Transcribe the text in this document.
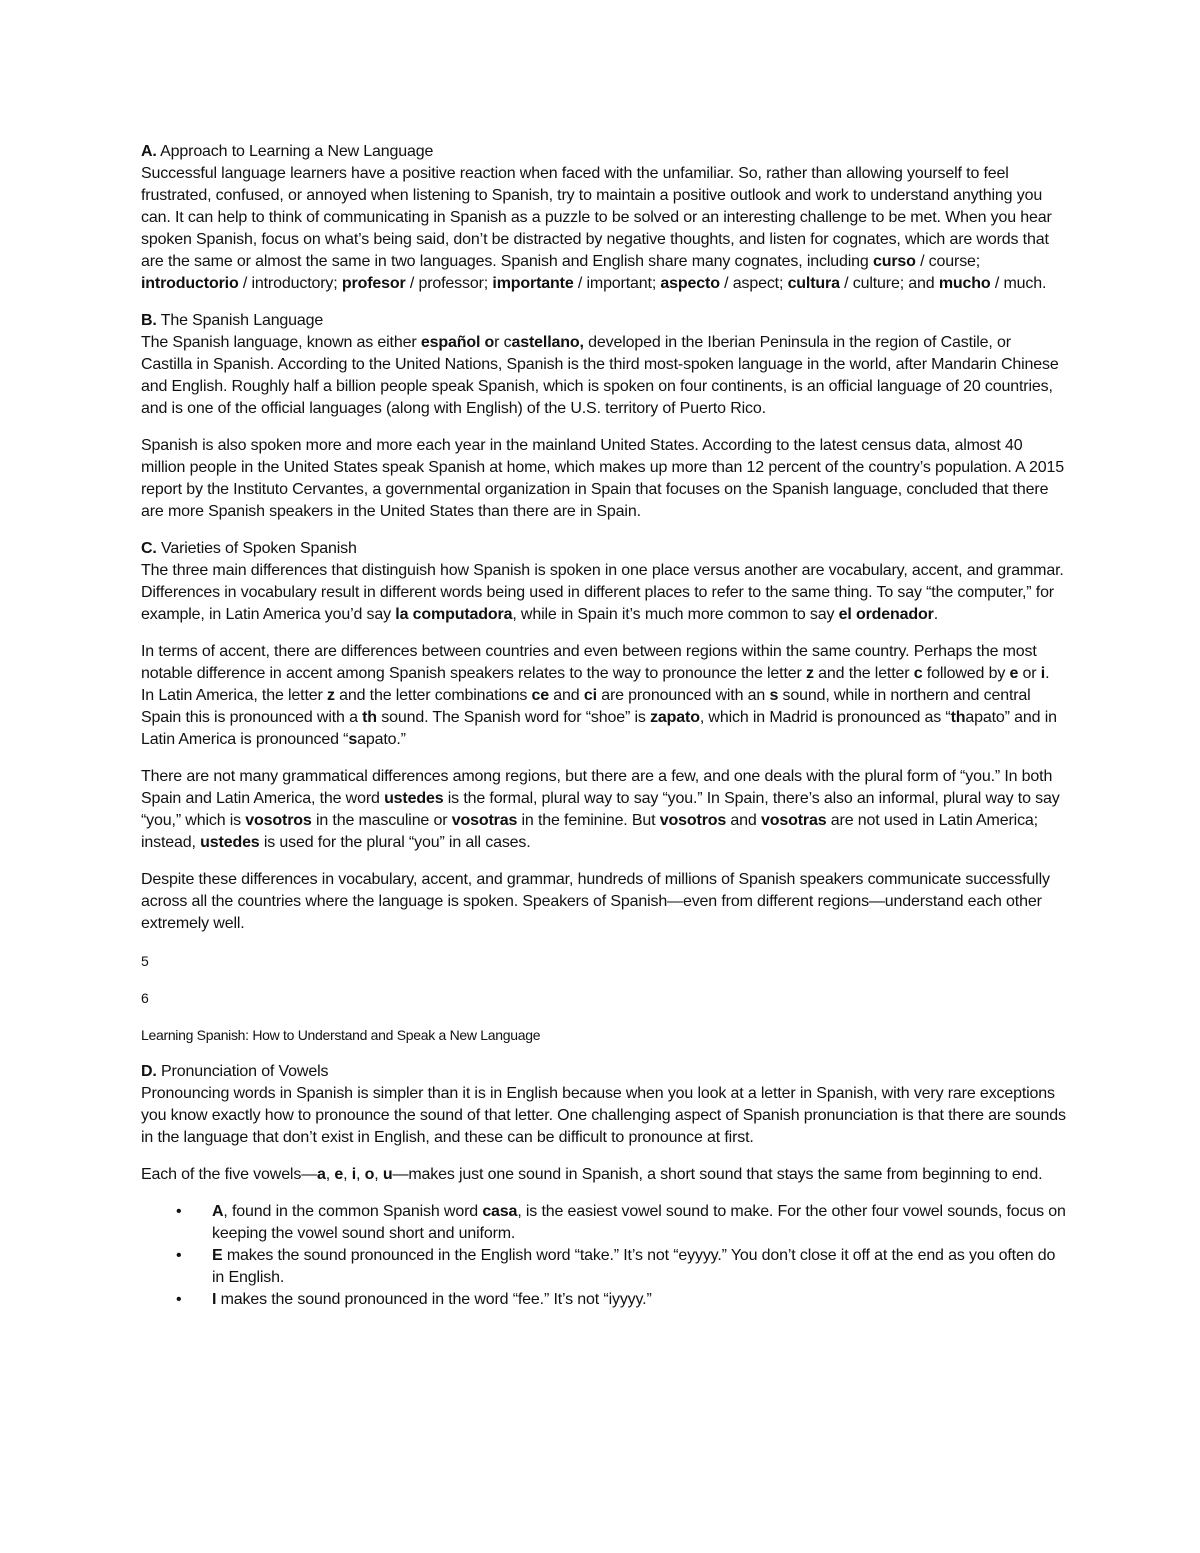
A. Approach to Learning a New Language
Successful language learners have a positive reaction when faced with the unfamiliar. So, rather than allowing yourself to feel frustrated, confused, or annoyed when listening to Spanish, try to maintain a positive outlook and work to understand anything you can. It can help to think of communicating in Spanish as a puzzle to be solved or an interesting challenge to be met. When you hear spoken Spanish, focus on what’s being said, don’t be distracted by negative thoughts, and listen for cognates, which are words that are the same or almost the same in two languages. Spanish and English share many cognates, including curso / course; introductorio / introductory; profesor / professor; importante / important; aspecto / aspect; cultura / culture; and mucho / much.

B. The Spanish Language
The Spanish language, known as either español or castellano, developed in the Iberian Peninsula in the region of Castile, or Castilla in Spanish. According to the United Nations, Spanish is the third most-spoken language in the world, after Mandarin Chinese and English. Roughly half a billion people speak Spanish, which is spoken on four continents, is an official language of 20 countries, and is one of the official languages (along with English) of the U.S. territory of Puerto Rico.

Spanish is also spoken more and more each year in the mainland United States. According to the latest census data, almost 40 million people in the United States speak Spanish at home, which makes up more than 12 percent of the country’s population. A 2015 report by the Instituto Cervantes, a governmental organization in Spain that focuses on the Spanish language, concluded that there are more Spanish speakers in the United States than there are in Spain.

C. Varieties of Spoken Spanish
The three main differences that distinguish how Spanish is spoken in one place versus another are vocabulary, accent, and grammar. Differences in vocabulary result in different words being used in different places to refer to the same thing. To say “the computer,” for example, in Latin America you’d say la computadora, while in Spain it’s much more common to say el ordenador.

In terms of accent, there are differences between countries and even between regions within the same country. Perhaps the most notable difference in accent among Spanish speakers relates to the way to pronounce the letter z and the letter c followed by e or i. In Latin America, the letter z and the letter combinations ce and ci are pronounced with an s sound, while in northern and central Spain this is pronounced with a th sound. The Spanish word for “shoe” is zapato, which in Madrid is pronounced as “thapato” and in Latin America is pronounced “sapato.”

There are not many grammatical differences among regions, but there are a few, and one deals with the plural form of “you.” In both Spain and Latin America, the word ustedes is the formal, plural way to say “you.” In Spain, there’s also an informal, plural way to say “you,” which is vosotros in the masculine or vosotras in the feminine. But vosotros and vosotras are not used in Latin America; instead, ustedes is used for the plural “you” in all cases.

Despite these differences in vocabulary, accent, and grammar, hundreds of millions of Spanish speakers communicate successfully across all the countries where the language is spoken. Speakers of Spanish—even from different regions—understand each other extremely well.

5

6

Learning Spanish: How to Understand and Speak a New Language

D. Pronunciation of Vowels
Pronouncing words in Spanish is simpler than it is in English because when you look at a letter in Spanish, with very rare exceptions you know exactly how to pronounce the sound of that letter. One challenging aspect of Spanish pronunciation is that there are sounds in the language that don’t exist in English, and these can be difficult to pronounce at first.

Each of the five vowels—a, e, i, o, u—makes just one sound in Spanish, a short sound that stays the same from beginning to end.

• A, found in the common Spanish word casa, is the easiest vowel sound to make. For the other four vowel sounds, focus on keeping the vowel sound short and uniform.
• E makes the sound pronounced in the English word “take.” It’s not “eyyyy.” You don’t close it off at the end as you often do in English.
• I makes the sound pronounced in the word “fee.” It’s not “iyyyy.”
